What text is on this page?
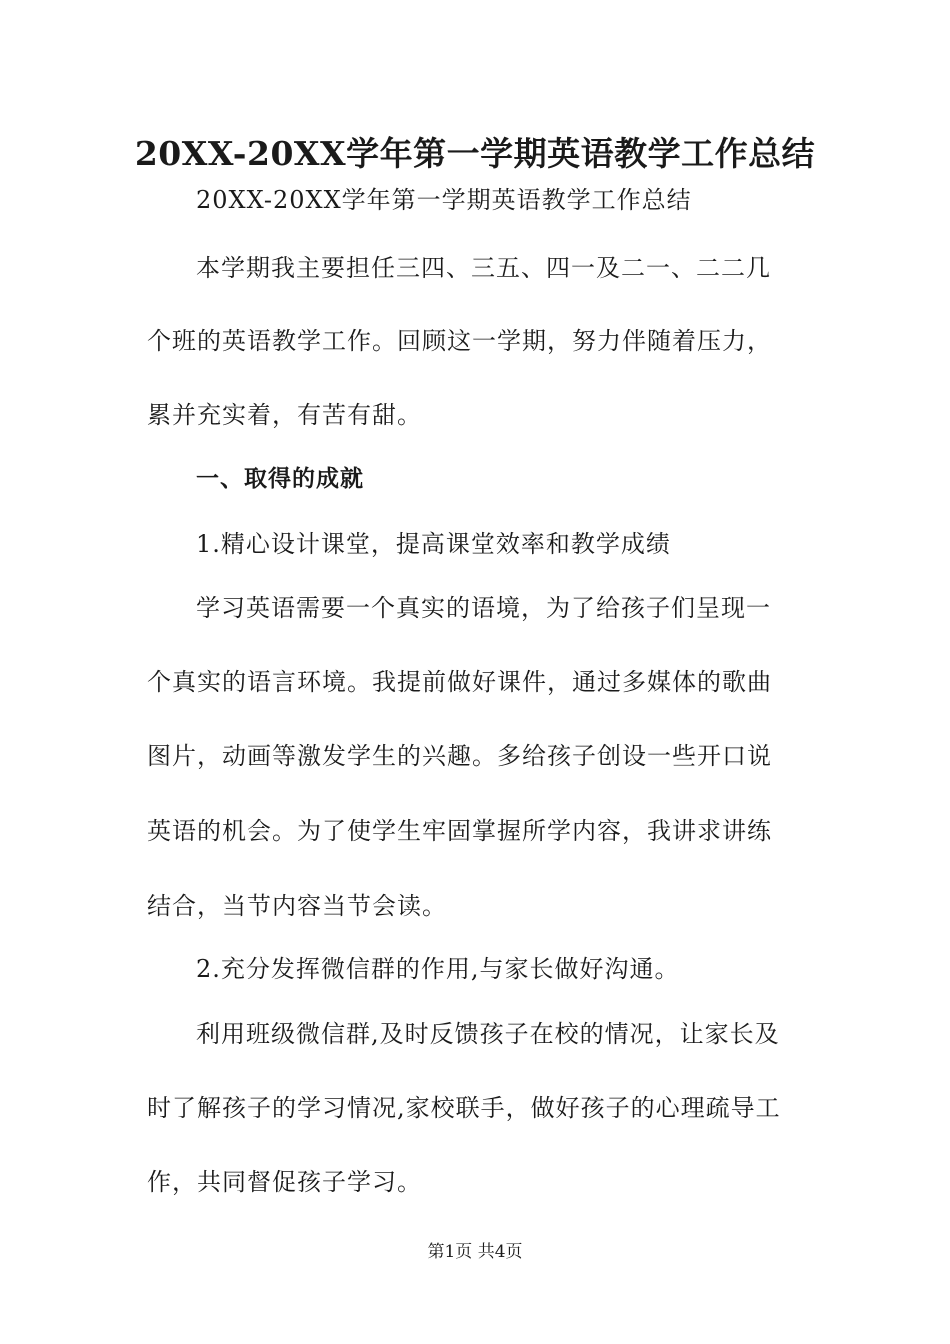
20XX-20XX学年第一学期英语教学工作总结

20XX-20XX学年第一学期英语教学工作总结

本学期我主要担任三四、三五、四一及二一、二二几

个班的英语教学工作。回顾这一学期，努力伴随着压力，

累并充实着，有苦有甜。

一、取得的成就

1.精心设计课堂，提高课堂效率和教学成绩

学习英语需要一个真实的语境，为了给孩子们呈现一

个真实的语言环境。我提前做好课件，通过多媒体的歌曲

图片，动画等激发学生的兴趣。多给孩子创设一些开口说

英语的机会。为了使学生牢固掌握所学内容，我讲求讲练

结合，当节内容当节会读。

2.充分发挥微信群的作用,与家长做好沟通。

利用班级微信群,及时反馈孩子在校的情况，让家长及

时了解孩子的学习情况,家校联手，做好孩子的心理疏导工

作，共同督促孩子学习。

第1页 共4页
